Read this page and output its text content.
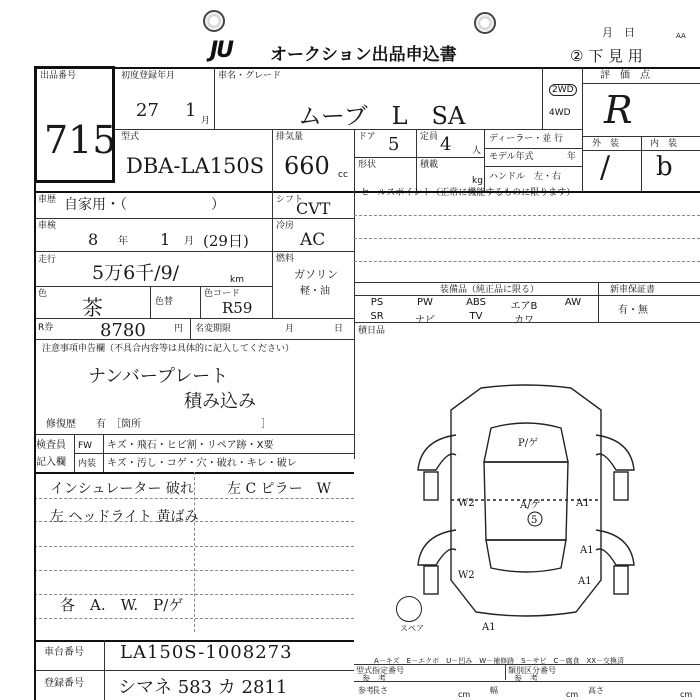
JU オークション出品申込書
月　日	AA
② 下 見 用
出品番号
715
初度登録年月
27 1 月
車名・グレード
ムーブ　L　SA
2WD
4WD
評　価　点
R
型式
DBA-LA150S
排気量
660 cc
ドア 5 定員 4 人
形状	積載
kg
ディーラー・並 行
モデル年式	年
ハンドル　左・右
外　装	内　装
/ b
車歴 自家用・（　　　　　　）	シフト
CVT
車検
8 年 1 月 (29日)
冷房
AC
走行
5万6千/9/	km
燃料
ガソリン
軽・油
色
茶	色替
色コード
R59
R券	8780	円 名変期限	月	日
セールスポイント（正常に機能するものに限ります）
装備品（純正品に限る）	新車保証書
PS	PW	ABS	エアB	AW
SR	ナビ	TV	カワ
有・無
積日品
注意事項申告欄（不具合内容等は具体的に記入してください）
ナンバープレート
積み込み
修復歴　　有　［箇所　　　　　　　　　　　　］
検査員
記入欄
FW キズ・飛石・ヒビ割・リペア跡・X要
内装 キズ・汚し・コゲ・穴・破れ・キレ・破レ
インシュレーター 破れ 左 C ピラー　W
左 ヘッドライト 黄ばみ
各　A.　W.　P/ゲ
P/ゲ
A/ゲ
5
W2	A1
A1
W2
A1
A1
スペア
車台番号 LA150S-1008273
登録番号 シマネ 583 カ 2811
A－キズ　E－エクボ　U－凹み　W－補修跡　S－サビ　C－腐食　XX－交換済
型式指定番号
参　考
類別区分番号
参　考
参考
長さ	cm 幅	cm 高さ	cm
